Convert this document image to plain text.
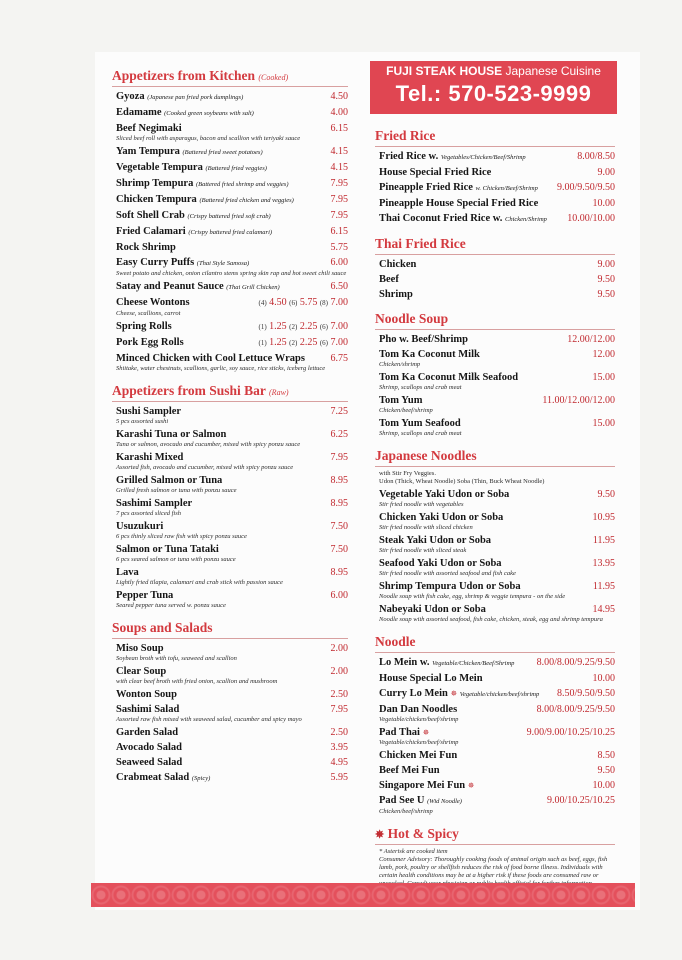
FUJI STEAK HOUSE Japanese Cuisine
Tel.: 570-523-9999
Appetizers from Kitchen (Cooked)
Gyoza (Japanese pan fried pork dumplings)	4.50
Edamame (Cooked green soybeans with salt)	4.00
Beef Negimaki	6.15
Sliced beef roll with asparagus, bacon and scallion with teriyaki sauce
Yam Tempura (Battered fried sweet potatoes)	4.15
Vegetable Tempura (Battered fried veggies)	4.15
Shrimp Tempura (Battered fried shrimp and veggies)	7.95
Chicken Tempura (Battered fried chicken and veggies)	7.95
Soft Shell Crab (Crispy battered fried soft crab)	7.95
Fried Calamari (Crispy battered fried calamari)	6.15
Rock Shrimp	5.75
Easy Curry Puffs (Thai Style Samosa)	6.00
Sweet potato and chicken, onion cilantro stems spring skin rap and hot sweet chili sauce
Satay and Peanut Sauce (Thai Grill Chicken)	6.50
Cheese Wontons	(4) 4.50 (6) 5.75 (8) 7.00
Cheese, scallions, carrot
Spring Rolls	(1) 1.25 (2) 2.25 (6) 7.00
Pork Egg Rolls	(1) 1.25 (2) 2.25 (6) 7.00
Minced Chicken with Cool Lettuce Wraps	6.75
Shiitake, water chestnuts, scallions, garlic, soy sauce, rice sticks, iceberg lettuce
Appetizers from Sushi Bar (Raw)
Sushi Sampler	7.25
5 pcs assorted sushi
Karashi Tuna or Salmon	6.25
Tuna or salmon, avocado and cucumber, mixed with spicy ponzu sauce
Karashi Mixed	7.95
Assorted fish, avocado and cucumber, mixed with spicy ponzu sauce
Grilled Salmon or Tuna	8.95
Grilled fresh salmon or tuna with ponzu sauce
Sashimi Sampler	8.95
7 pcs assorted sliced fish
Usuzukuri	7.50
6 pcs thinly sliced raw fish with spicy ponzu sauce
Salmon or Tuna Tataki	7.50
6 pcs seared salmon or tuna with ponzu sauce
Lava	8.95
Lightly fried tilapia, calamari and crab stick with passion sauce
Pepper Tuna	6.00
Seared pepper tuna served w. ponzu sauce
Soups and Salads
Miso Soup	2.00
Soybean broth with tofu, seaweed and scallion
Clear Soup	2.00
with clear beef broth with fried onion, scallion and mushroom
Wonton Soup	2.50
Sashimi Salad	7.95
Assorted raw fish mixed with seaweed salad, cucumber and spicy mayo
Garden Salad	2.50
Avocado Salad	3.95
Seaweed Salad	4.95
Crabmeat Salad (Spicy)	5.95
Fried Rice
Fried Rice w. Vegetables/Chicken/Beef/Shrimp	8.00/8.50
House Special Fried Rice	9.00
Pineapple Fried Rice w. Chicken/Beef/Shrimp 9.00/9.50/9.50
Pineapple House Special Fried Rice	10.00
Thai Coconut Fried Rice w. Chicken/Shrimp 10.00/10.00
Thai Fried Rice
Chicken	9.00
Beef	9.50
Shrimp	9.50
Noodle Soup
Pho w. Beef/Shrimp	12.00/12.00
Tom Ka Coconut Milk	12.00
Chicken/shrimp
Tom Ka Coconut Milk Seafood	15.00
Shrimp, scallops and crab meat
Tom Yum	11.00/12.00/12.00
Chicken/beef/shrimp
Tom Yum Seafood	15.00
Shrimp, scallops and crab meat
Japanese Noodles
with Stir Fry Veggies.
Udon (Thick, Wheat Noodle) Soba (Thin, Buck Wheat Noodle)
Vegetable Yaki Udon or Soba	9.50
Stir fried noodle with vegetables
Chicken Yaki Udon or Soba	10.95
Stir fried noodle with sliced chicken
Steak Yaki Udon or Soba	11.95
Stir fried noodle with sliced steak
Seafood Yaki Udon or Soba	13.95
Stir fried noodle with assorted seafood and fish cake
Shrimp Tempura Udon or Soba	11.95
Noodle soup with fish cake, egg, shrimp & veggie tempura - on the side
Nabeyaki Udon or Soba	14.95
Noodle soup with assorted seafood, fish cake, chicken, steak, egg and shrimp tempura
Noodle
Lo Mein w. Vegetable/Chicken/Beef/Shrimp 8.00/8.00/9.25/9.50
House Special Lo Mein	10.00
Curry Lo Mein ✵ Vegetable/chicken/beef/shrimp 8.50/9.50/9.50
Dan Dan Noodles	8.00/8.00/9.25/9.50
Vegetable/chicken/beef/shrimp
Pad Thai ✵	9.00/9.00/10.25/10.25
Vegetable/chicken/beef/shrimp
Chicken Mei Fun	8.50
Beef Mei Fun	9.50
Singapore Mei Fun ✵	10.00
Pad See U (Wid Noodle)	9.00/10.25/10.25
Chicken/beef/shrimp
✵ Hot & Spicy
* Asterisk are cooked item
Consumer Advisory: Thoroughly cooking foods of animal origin such as beef, eggs, fish lamb, pork, poultry or shellfish reduces the risk of food borne illness. Individuals with certain health conditions may be at a higher risk if these foods are consumed raw or
